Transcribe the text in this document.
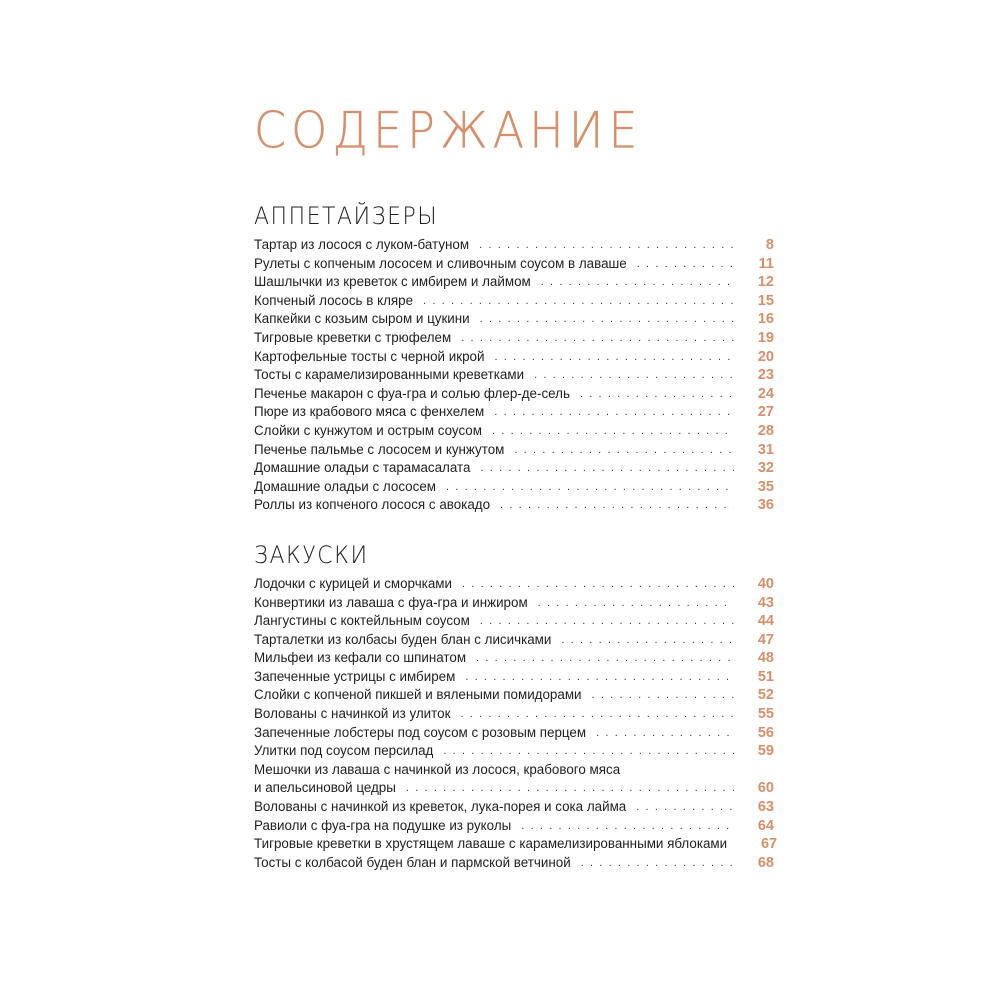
СОДЕРЖАНИЕ
АППЕТАЙЗЕРЫ
Тартар из лосося с луком-батуном . . .	8
Рулеты с копченым лососем и сливочным соусом в лаваше . . .	11
Шашлычки из креветок с имбирем и лаймом . . .	12
Копченый лосось в кляре . . .	15
Капкейки с козьим сыром и цукини . . .	16
Тигровые креветки с трюфелем . . .	19
Картофельные тосты с черной икрой . . .	20
Тосты с карамелизированными креветками . . .	23
Печенье макарон с фуа-гра и солью флер-де-сель . . .	24
Пюре из крабового мяса с фенхелем . . .	27
Слойки с кунжутом и острым соусом . . .	28
Печенье пальмье с лососем и кунжутом . . .	31
Домашние оладьи с тарамасалата . . .	32
Домашние оладьи с лососем . . .	35
Роллы из копченого лосося с авокадо . . .	36
ЗАКУСКИ
Лодочки с курицей и сморчками . . .	40
Конвертики из лаваша с фуа-гра и инжиром . . .	43
Лангустины с коктейльным соусом . . .	44
Тарталетки из колбасы буден блан с лисичками . . .	47
Мильфеи из кефали со шпинатом . . .	48
Запеченные устрицы с имбирем . . .	51
Слойки с копченой пикшей и вялеными помидорами . . .	52
Волованы с начинкой из улиток . . .	55
Запеченные лобстеры под соусом с розовым перцем . . .	56
Улитки под соусом персилад . . .	59
Мешочки из лаваша с начинкой из лосося, крабового мяса
и апельсиновой цедры . . .	60
Волованы с начинкой из креветок, лука-порея и сока лайма . . .	63
Равиоли с фуа-гра на подушке из руколы . . .	64
Тигровые креветки в хрустящем лаваше с карамелизированными яблоками	67
Тосты с колбасой буден блан и пармской ветчиной . . .	68
